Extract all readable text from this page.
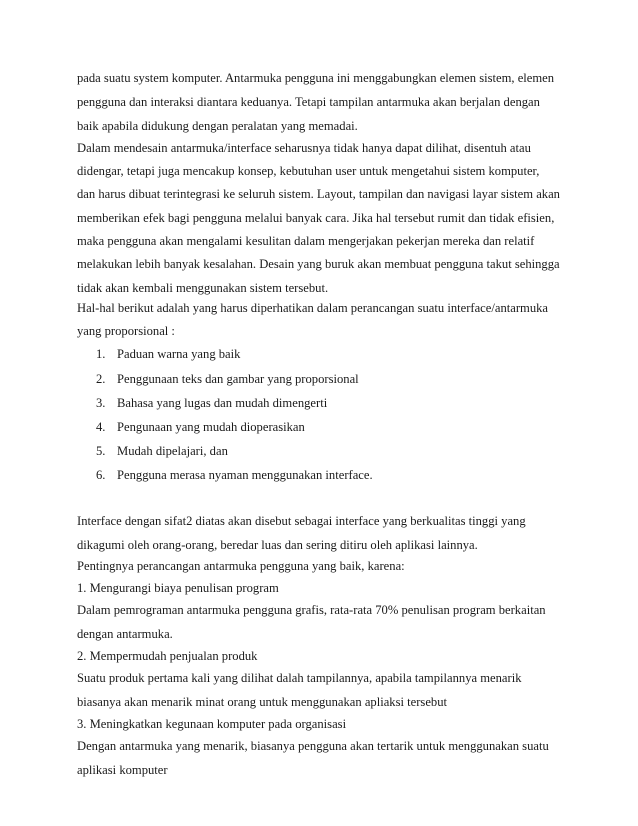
pada suatu system komputer. Antarmuka pengguna ini menggabungkan elemen sistem, elemen
pengguna dan interaksi diantara keduanya. Tetapi tampilan antarmuka akan berjalan dengan
baik apabila didukung dengan peralatan yang memadai.
Dalam mendesain antarmuka/interface seharusnya tidak hanya dapat dilihat, disentuh atau
didengar, tetapi juga mencakup konsep, kebutuhan user untuk mengetahui sistem komputer,
dan harus dibuat terintegrasi ke seluruh sistem. Layout, tampilan dan navigasi layar sistem akan
memberikan efek bagi pengguna melalui banyak cara. Jika hal tersebut rumit dan tidak efisien,
maka pengguna akan mengalami kesulitan dalam mengerjakan pekerjan mereka dan relatif
melakukan lebih banyak kesalahan. Desain yang buruk akan membuat pengguna takut sehingga
tidak akan kembali menggunakan sistem tersebut.
Hal-hal berikut adalah yang harus diperhatikan dalam perancangan suatu interface/antarmuka
yang proporsional :
1. Paduan warna yang baik
2. Penggunaan teks dan gambar yang proporsional
3. Bahasa yang lugas dan mudah dimengerti
4. Pengunaan yang mudah dioperasikan
5. Mudah dipelajari, dan
6. Pengguna merasa nyaman menggunakan interface.
Interface dengan sifat2 diatas akan disebut sebagai interface yang berkualitas tinggi yang
dikagumi oleh orang-orang, beredar luas dan sering ditiru oleh aplikasi lainnya.
Pentingnya perancangan antarmuka pengguna yang baik, karena:
1. Mengurangi biaya penulisan program
Dalam pemrograman antarmuka pengguna grafis, rata-rata 70% penulisan program berkaitan
dengan antarmuka.
2. Mempermudah penjualan produk
Suatu produk pertama kali yang dilihat dalah tampilannya, apabila tampilannya menarik
biasanya akan menarik minat orang untuk menggunakan apliaksi tersebut
3. Meningkatkan kegunaan komputer pada organisasi
Dengan antarmuka yang menarik, biasanya pengguna akan tertarik untuk menggunakan suatu
aplikasi komputer
